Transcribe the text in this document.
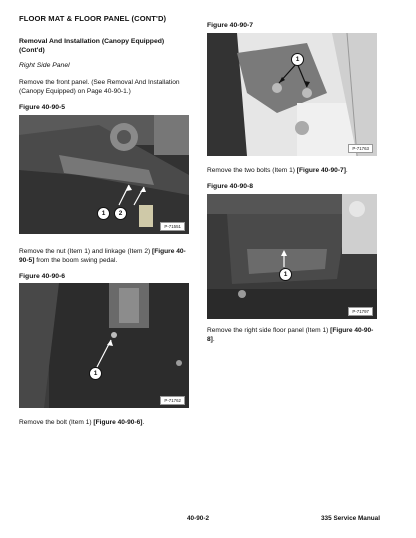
FLOOR MAT & FLOOR PANEL (CONT'D)
Removal And Installation (Canopy Equipped)
(Cont'd)
Right Side Panel
Remove the front panel. (See Removal And Installation
(Canopy Equipped) on Page 40-90-1.)
Figure 40-90-5
1	2
P-71551
Remove the nut (Item 1) and linkage (Item 2) [Figure 40-
90-5] from the boom swing pedal.
Figure 40-90-6
1
P-71762
Remove the bolt (Item 1) [Figure 40-90-6].
Figure 40-90-7
1
P-71763
Remove the two bolts (Item 1) [Figure 40-90-7].
Figure 40-90-8
1
P-71797
Remove the right side floor panel (Item 1) [Figure 40-90-
8].
40-90-2	335 Service Manual
